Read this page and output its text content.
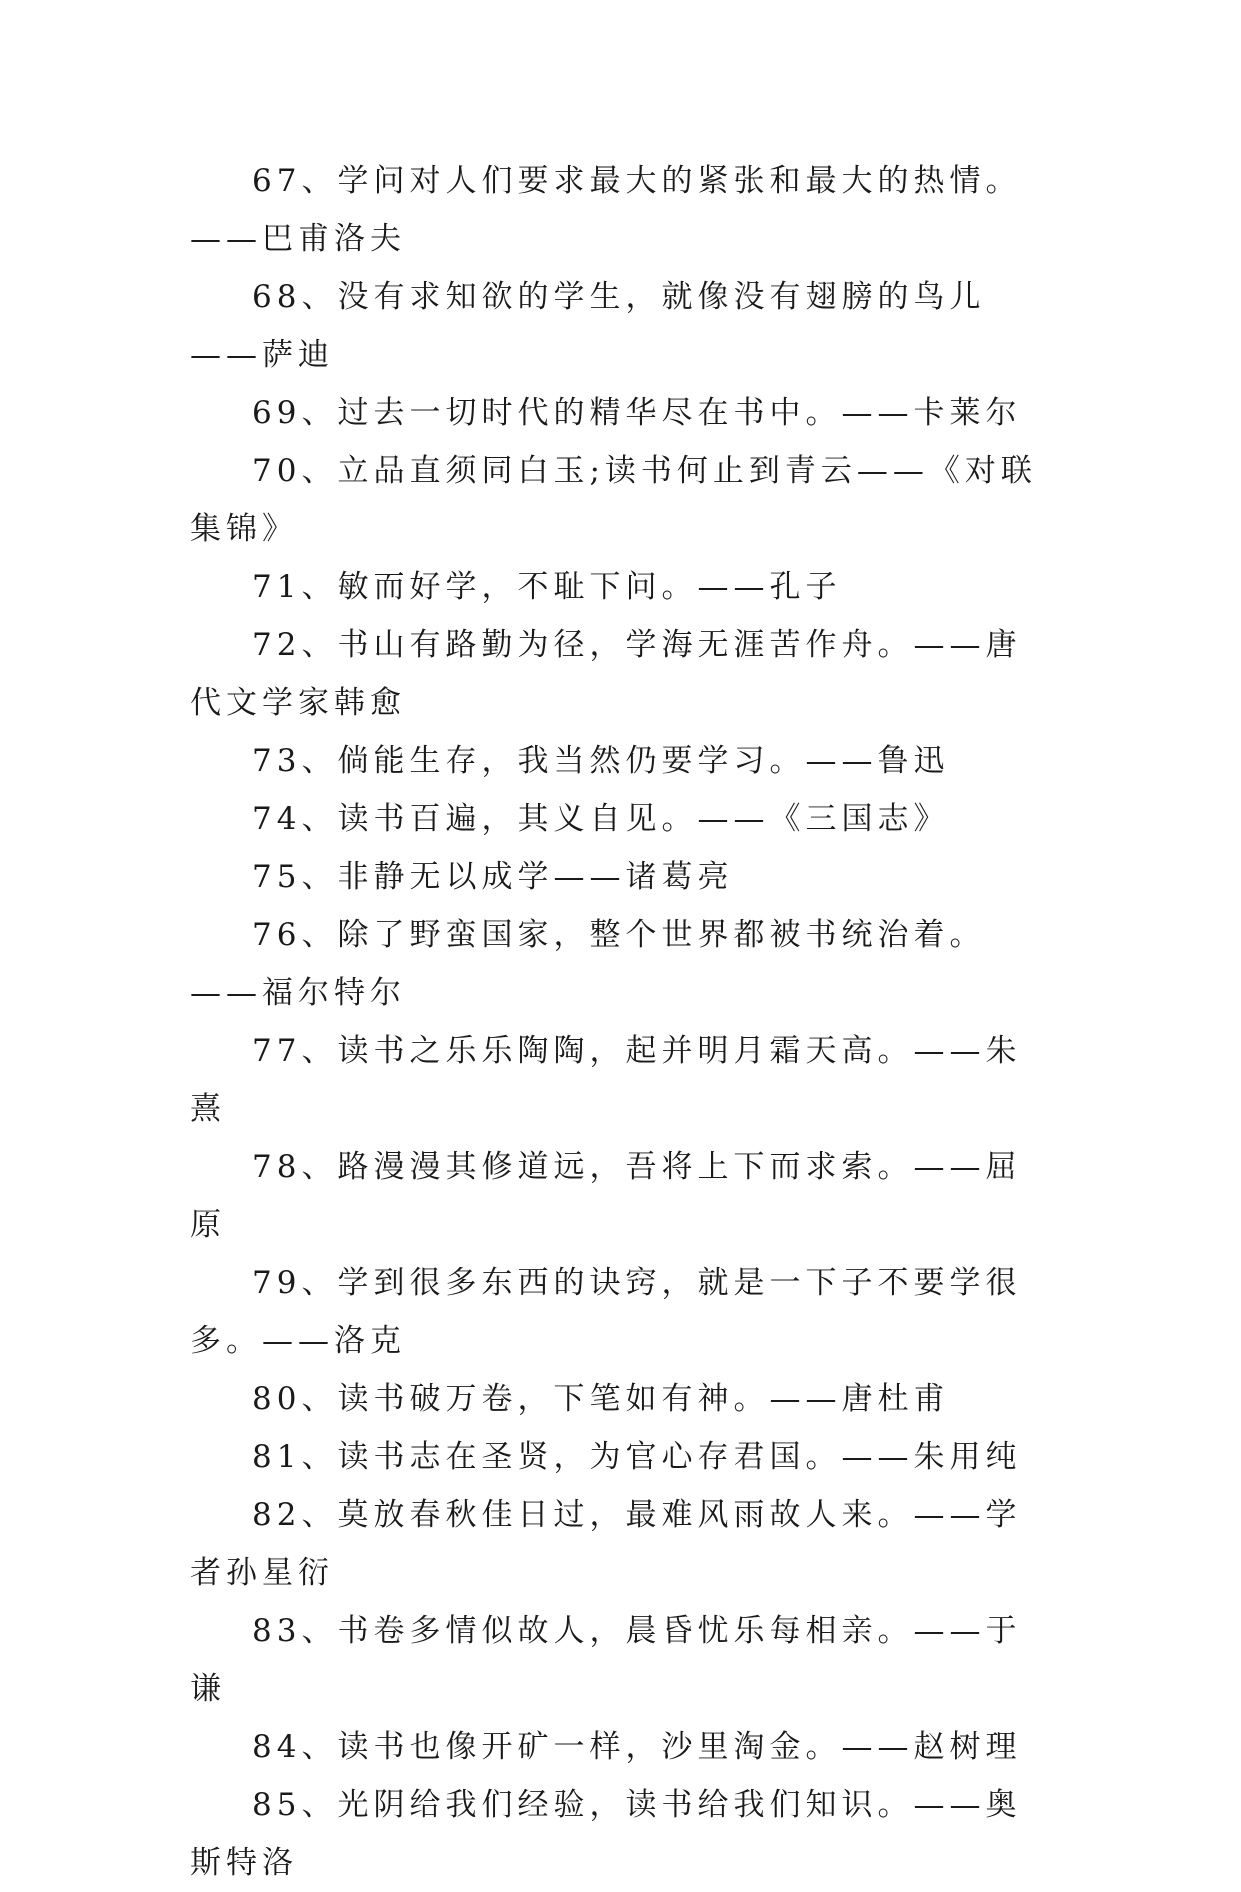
67、学问对人们要求最大的紧张和最大的热情。——巴甫洛夫

68、没有求知欲的学生，就像没有翅膀的鸟儿——萨迪

69、过去一切时代的精华尽在书中。——卡莱尔

70、立品直须同白玉;读书何止到青云——《对联集锦》

71、敏而好学，不耻下问。——孔子

72、书山有路勤为径，学海无涯苦作舟。——唐代文学家韩愈

73、倘能生存，我当然仍要学习。——鲁迅

74、读书百遍，其义自见。——《三国志》

75、非静无以成学——诸葛亮

76、除了野蛮国家，整个世界都被书统治着。——福尔特尔

77、读书之乐乐陶陶，起并明月霜天高。——朱熹

78、路漫漫其修道远，吾将上下而求索。——屈原

79、学到很多东西的诀窍，就是一下子不要学很多。——洛克

80、读书破万卷，下笔如有神。——唐杜甫

81、读书志在圣贤，为官心存君国。——朱用纯

82、莫放春秋佳日过，最难风雨故人来。——学者孙星衍

83、书卷多情似故人，晨昏忧乐每相亲。——于谦

84、读书也像开矿一样，沙里淘金。——赵树理

85、光阴给我们经验，读书给我们知识。——奥斯特洛
